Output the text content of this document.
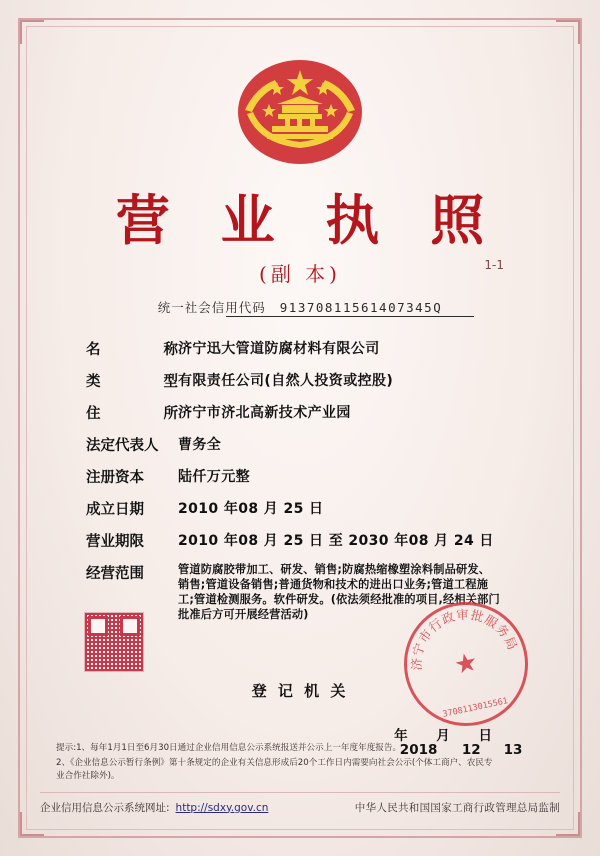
营 业 执 照
(副 本)	1-1
统一社会信用代码 91370811561407345Q
名	称 济宁迅大管道防腐材料有限公司
类	型 有限责任公司(自然人投资或控股)
住	所 济宁市济北高新技术产业园
法定代表人	曹务全
注册资本	陆仟万元整
成立日期	2010 年08 月 25 日
营业期限	2010 年08 月 25 日 至 2030 年08 月 24 日
经营范围	管道防腐胶带加工、研发、销售;防腐热缩橡塑涂料制品研发、销售;管道设备销售;普通货物和技术的进出口业务;管道工程施工;管道检测服务。软件研发。(依法须经批准的项目,经相关部门批准后方可开展经营活动)
济宁市行政审批服务局
★
3708113015561
登 记 机 关
年 月 日
2018 12 13
提示:1、每年1月1日至6月30日通过企业信用信息公示系统报送并公示上一年度年度报告。
2、《企业信息公示暂行条例》第十条规定的企业有关信息形成后20个工作日内需要向社会公示(个体工商户、农民专业合作社除外)。
企业信用信息公示系统网址: http://sdxy.gov.cn	中华人民共和国国家工商行政管理总局监制
